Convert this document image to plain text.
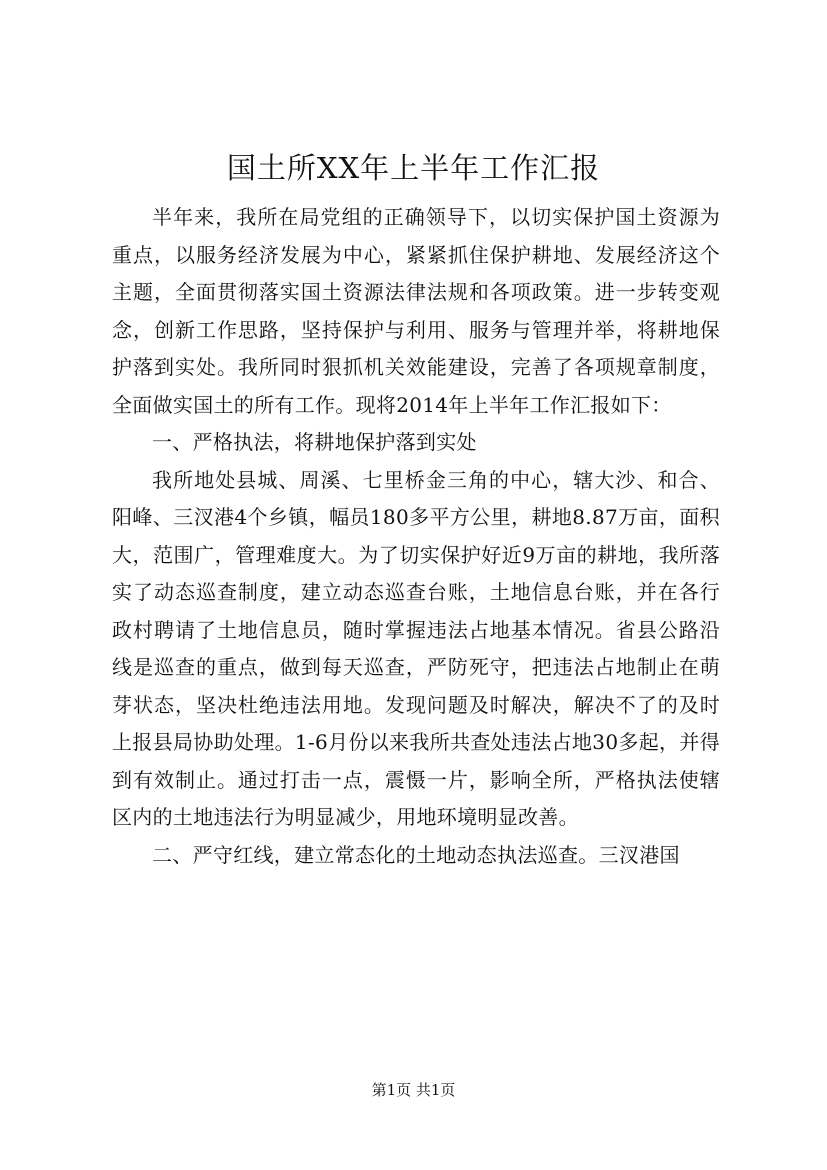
国土所XX年上半年工作汇报

半年来，我所在局党组的正确领导下，以切实保护国土资源为重点，以服务经济发展为中心，紧紧抓住保护耕地、发展经济这个主题，全面贯彻落实国土资源法律法规和各项政策。进一步转变观念，创新工作思路，坚持保护与利用、服务与管理并举，将耕地保护落到实处。我所同时狠抓机关效能建设，完善了各项规章制度，全面做实国土的所有工作。现将2014年上半年工作汇报如下：

一、严格执法，将耕地保护落到实处

我所地处县城、周溪、七里桥金三角的中心，辖大沙、和合、阳峰、三汊港4个乡镇，幅员180多平方公里，耕地8.87万亩，面积大，范围广，管理难度大。为了切实保护好近9万亩的耕地，我所落实了动态巡查制度，建立动态巡查台账，土地信息台账，并在各行政村聘请了土地信息员，随时掌握违法占地基本情况。省县公路沿线是巡查的重点，做到每天巡查，严防死守，把违法占地制止在萌芽状态，坚决杜绝违法用地。发现问题及时解决，解决不了的及时上报县局协助处理。1-6月份以来我所共查处违法占地30多起，并得到有效制止。通过打击一点，震慑一片，影响全所，严格执法使辖区内的土地违法行为明显减少，用地环境明显改善。

二、严守红线，建立常态化的土地动态执法巡查。三汊港国

第1页 共1页
